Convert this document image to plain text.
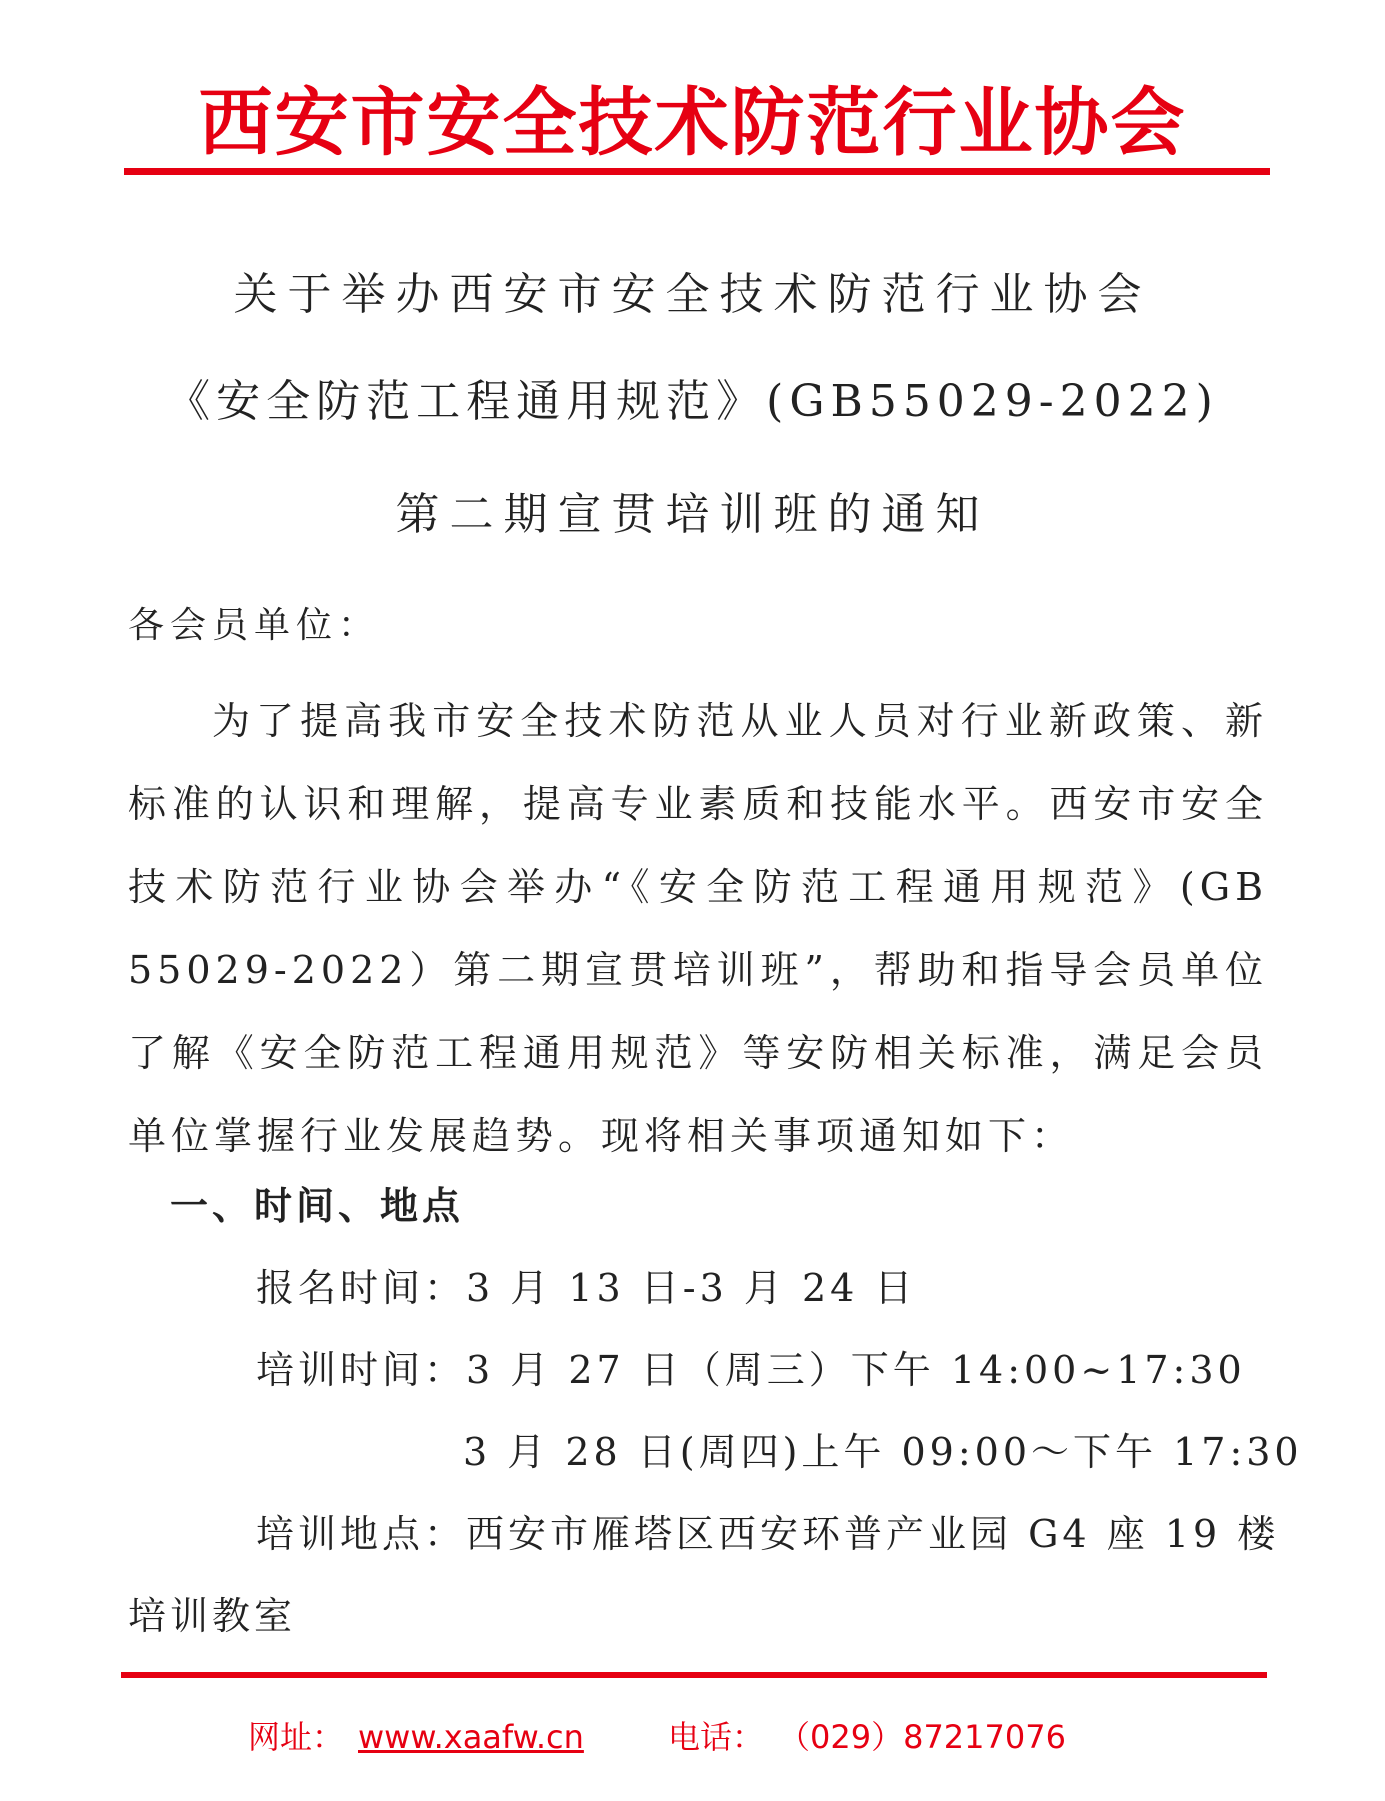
西安市安全技术防范行业协会
关于举办西安市安全技术防范行业协会
《安全防范工程通用规范》(GB55029-2022)
第二期宣贯培训班的通知
各会员单位：
为了提高我市安全技术防范从业人员对行业新政策、新标准的认识和理解，提高专业素质和技能水平。西安市安全技术防范行业协会举办“《安全防范工程通用规范》(GB 55029-2022）第二期宣贯培训班”，帮助和指导会员单位了解《安全防范工程通用规范》等安防相关标准，满足会员单位掌握行业发展趋势。现将相关事项通知如下：
一、时间、地点
报名时间：3 月 13 日-3 月 24 日
培训时间：3 月 27 日（周三）下午 14:00~17:30
3 月 28 日(周四)上午 09:00～下午 17:30
培训地点：西安市雁塔区西安环普产业园 G4 座 19 楼
培训教室
网址： www.xaafw.cn	电话： （029）87217076
